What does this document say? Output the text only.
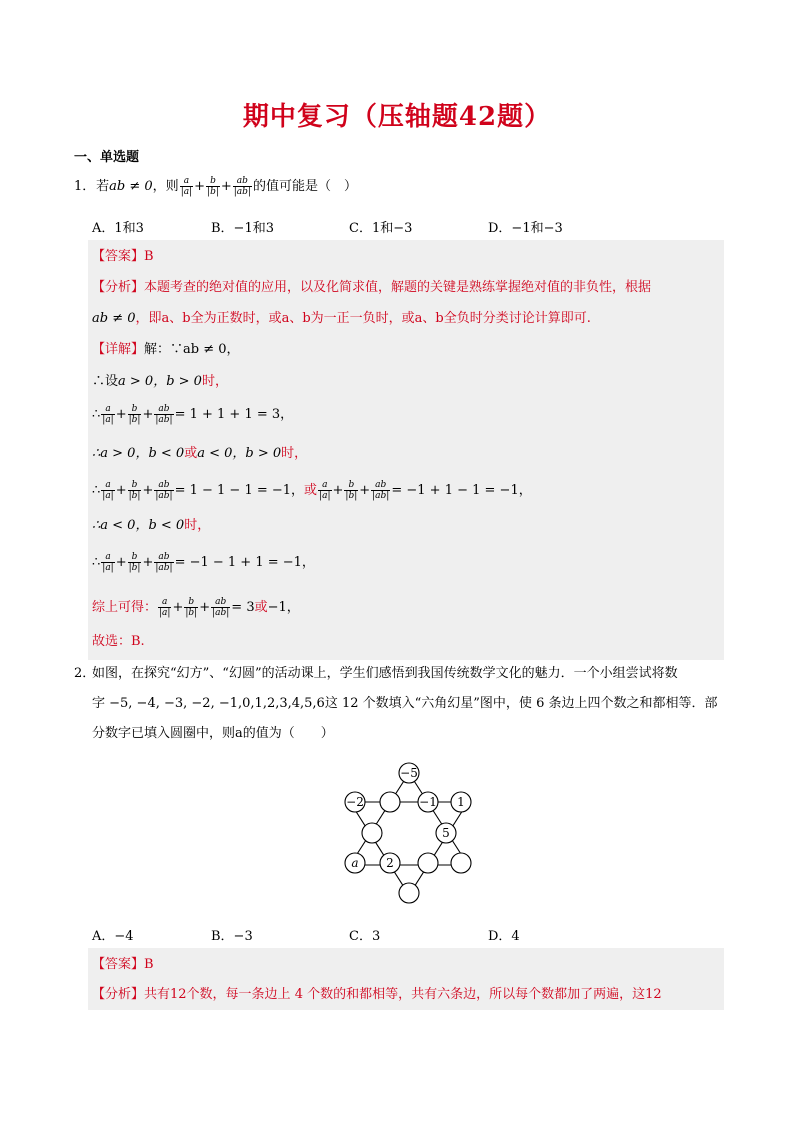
期中复习（压轴题42题）
一、单选题
1． 若ab ≠ 0，则 $\frac{a}{|a|} + \frac{b}{|b|} + \frac{ab}{|ab|}$ 的值可能是（　）
A．1和3	B．−1和3	C．1和−3	D．−1和−3
【答案】B
【分析】本题考查的绝对值的应用，以及化简求值，解题的关键是熟练掌握绝对值的非负性，根据
ab ≠ 0，即a、b全为正数时，或a、b为一正一负时，或a、b全负时分类讨论计算即可.
【详解】解：∵ab ≠ 0，
∴设a > 0，b > 0时，
∴ $\frac{a}{|a|} + \frac{b}{|b|} + \frac{ab}{|ab|} = 1 + 1 + 1 = 3$，
∴a > 0，b < 0或a < 0，b > 0时，
∴ $\frac{a}{|a|} + \frac{b}{|b|} + \frac{ab}{|ab|} = 1 - 1 - 1 = -1$，或 $\frac{a}{|a|} + \frac{b}{|b|} + \frac{ab}{|ab|} = -1 + 1 - 1 = -1$，
∴a < 0，b < 0时，
∴ $\frac{a}{|a|} + \frac{b}{|b|} + \frac{ab}{|ab|} = -1 - 1 + 1 = -1$，
综上可得： $\frac{a}{|a|} + \frac{b}{|b|} + \frac{ab}{|ab|} = 3$或−1，
故选：B.
2．如图，在探究“幻方”、“幻圆”的活动课上，学生们感悟到我国传统数学文化的魅力．一个小组尝试将数
字 −5, −4, −3, −2, −1,0,1,2,3,4,5,6这 12 个数填入“六角幻星”图中，使 6 条边上四个数之和都相等．部
分数字已填入圆圈中，则a的值为（　　）
−5
−2	−1 1
5
2
a
A．−4	B．−3	C．3	D．4
【答案】B
【分析】共有12个数，每一条边上 4 个数的和都相等，共有六条边，所以每个数都加了两遍，这12
